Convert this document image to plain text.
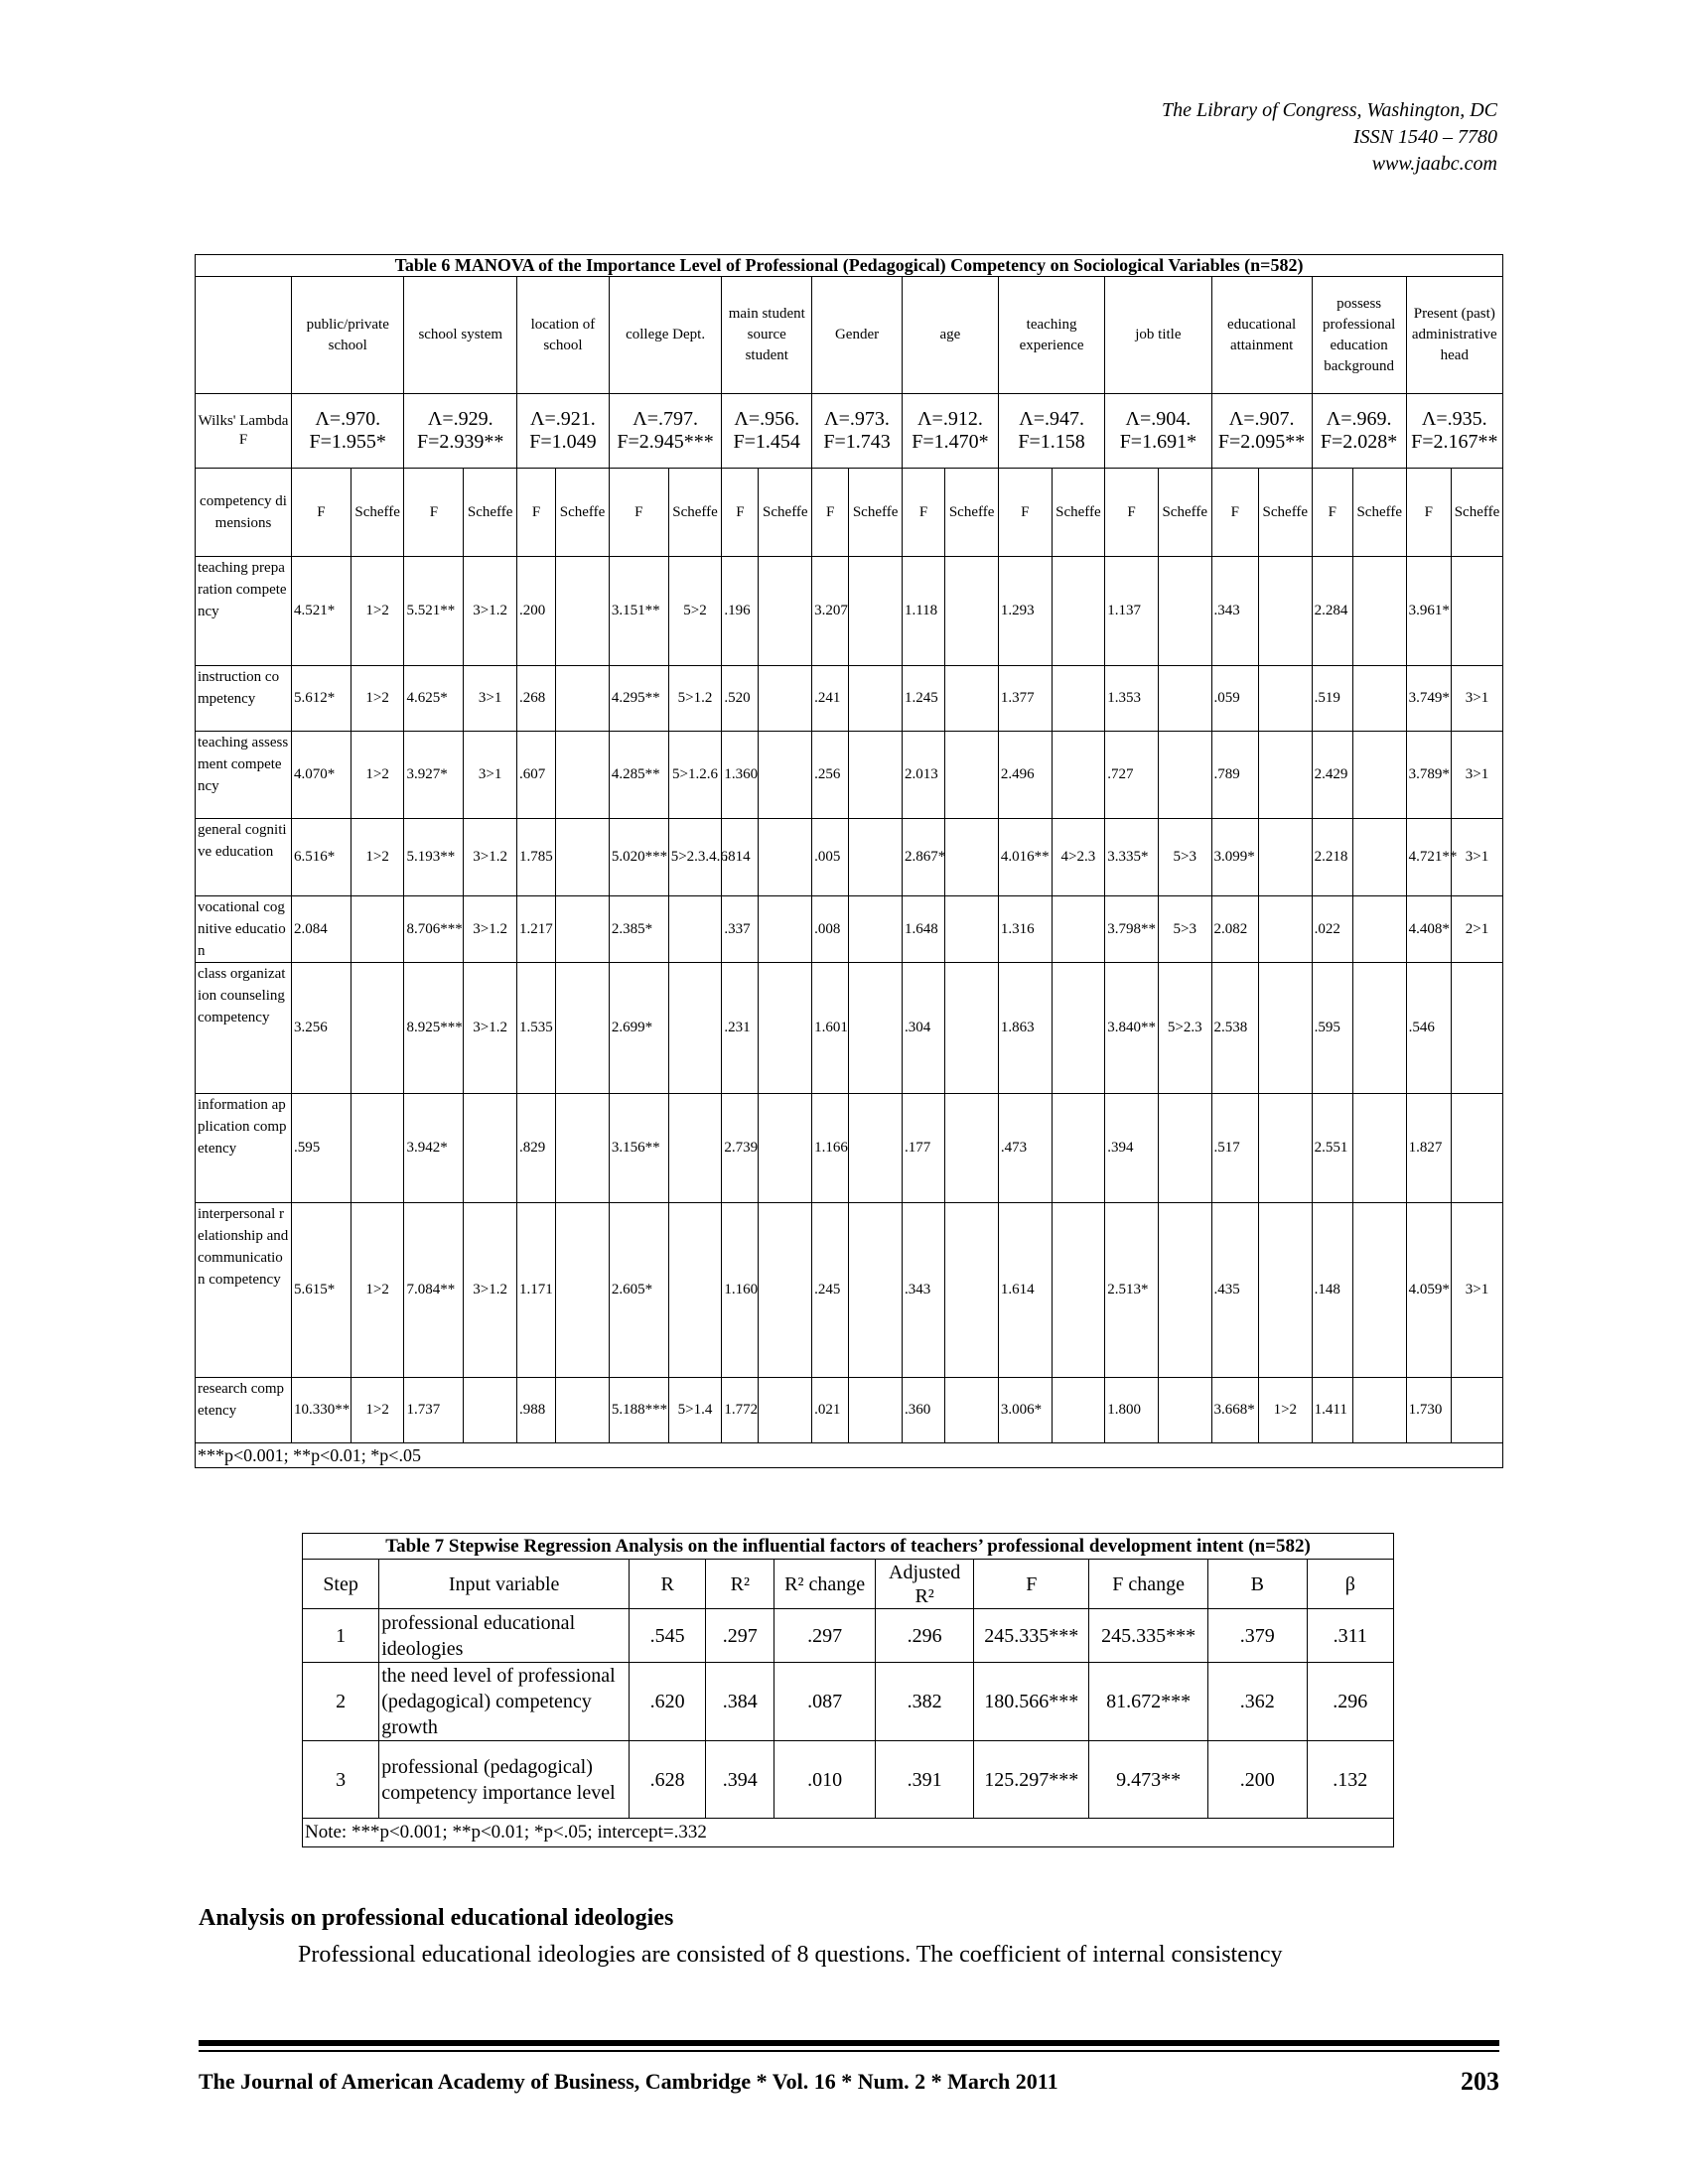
The Library of Congress, Washington, DC
ISSN 1540 – 7780
www.jaabc.com
Table 6 MANOVA of the Importance Level of Professional (Pedagogical) Competency on Sociological Variables (n=582)																								
	public/private school		school system		location of school		college Dept.		main student source student		Gender		age		teaching experience		job title		educational attainment		possess professional education background		Present (past) administrative head	
Wilks' Lambda F	Λ=.970. F=1.955*		Λ=.929. F=2.939**		Λ=.921. F=1.049		Λ=.797. F=2.945***		Λ=.956. F=1.454		Λ=.973. F=1.743		Λ=.912. F=1.470*		Λ=.947. F=1.158		Λ=.904. F=1.691*		Λ=.907. F=2.095**		Λ=.969. F=2.028*		Λ=.935. F=2.167**	
competency dimensions	F	Scheffe	F	Scheffe	F	Scheffe	F	Scheffe	F	Scheffe	F	Scheffe	F	Scheffe	F	Scheffe	F	Scheffe	F	Scheffe	F	Scheffe	F	Scheffe
teaching preparation competency	4.521*	1>2	5.521**	3>1.2	.200		3.151**	5>2	.196		3.207		1.118		1.293		1.137		.343		2.284		3.961*	
instruction competency	5.612*	1>2	4.625*	3>1	.268		4.295**	5>1.2	.520		.241		1.245		1.377		1.353		.059		.519		3.749*	3>1
teaching assessment competency	4.070*	1>2	3.927*	3>1	.607		4.285**	5>1.2.6	1.360		.256		2.013		2.496		.727		.789		2.429		3.789*	3>1
general cognitive education	6.516*	1>2	5.193**	3>1.2	1.785		5.020***	5>2.3.4.6	.814		.005		2.867*		4.016**	4>2.3	3.335*	5>3	3.099*		2.218		4.721**	3>1
vocational cognitive education	2.084		8.706***	3>1.2	1.217		2.385*		.337		.008		1.648		1.316		3.798**	5>3	2.082		.022		4.408*	2>1
class organization counseling competency	3.256		8.925***	3>1.2	1.535		2.699*		.231		1.601		.304		1.863		3.840**	5>2.3	2.538		.595		.546	
information application competency	.595		3.942*		.829		3.156**		2.739		1.166		.177		.473		.394		.517		2.551		1.827	
interpersonal relationship and communication competency	5.615*	1>2	7.084**	3>1.2	1.171		2.605*		1.160		.245		.343		1.614		2.513*		.435		.148		4.059*	3>1
research competency	10.330**	1>2	1.737		.988		5.188***	5>1.4	1.772		.021		.360		3.006*		1.800		3.668*	1>2	1.411		1.730	
***p<0.001; **p<0.01; *p<.05																								
Table 7 Stepwise Regression Analysis on the influential factors of teachers’ professional development intent (n=582)									
Step	Input variable	R	R²	R² change	Adjusted R²	F	F change	B	β
1	professional educational ideologies	.545	.297	.297	.296	245.335***	245.335***	.379	.311
2	the need level of professional (pedagogical) competency growth	.620	.384	.087	.382	180.566***	81.672***	.362	.296
3	professional (pedagogical) competency importance level	.628	.394	.010	.391	125.297***	9.473**	.200	.132
Note: ***p<0.001; **p<0.01; *p<.05; intercept=.332									
Analysis on professional educational ideologies
Professional educational ideologies are consisted of 8 questions. The coefficient of internal consistency
The Journal of American Academy of Business, Cambridge * Vol. 16 * Num. 2 * March 2011	203
